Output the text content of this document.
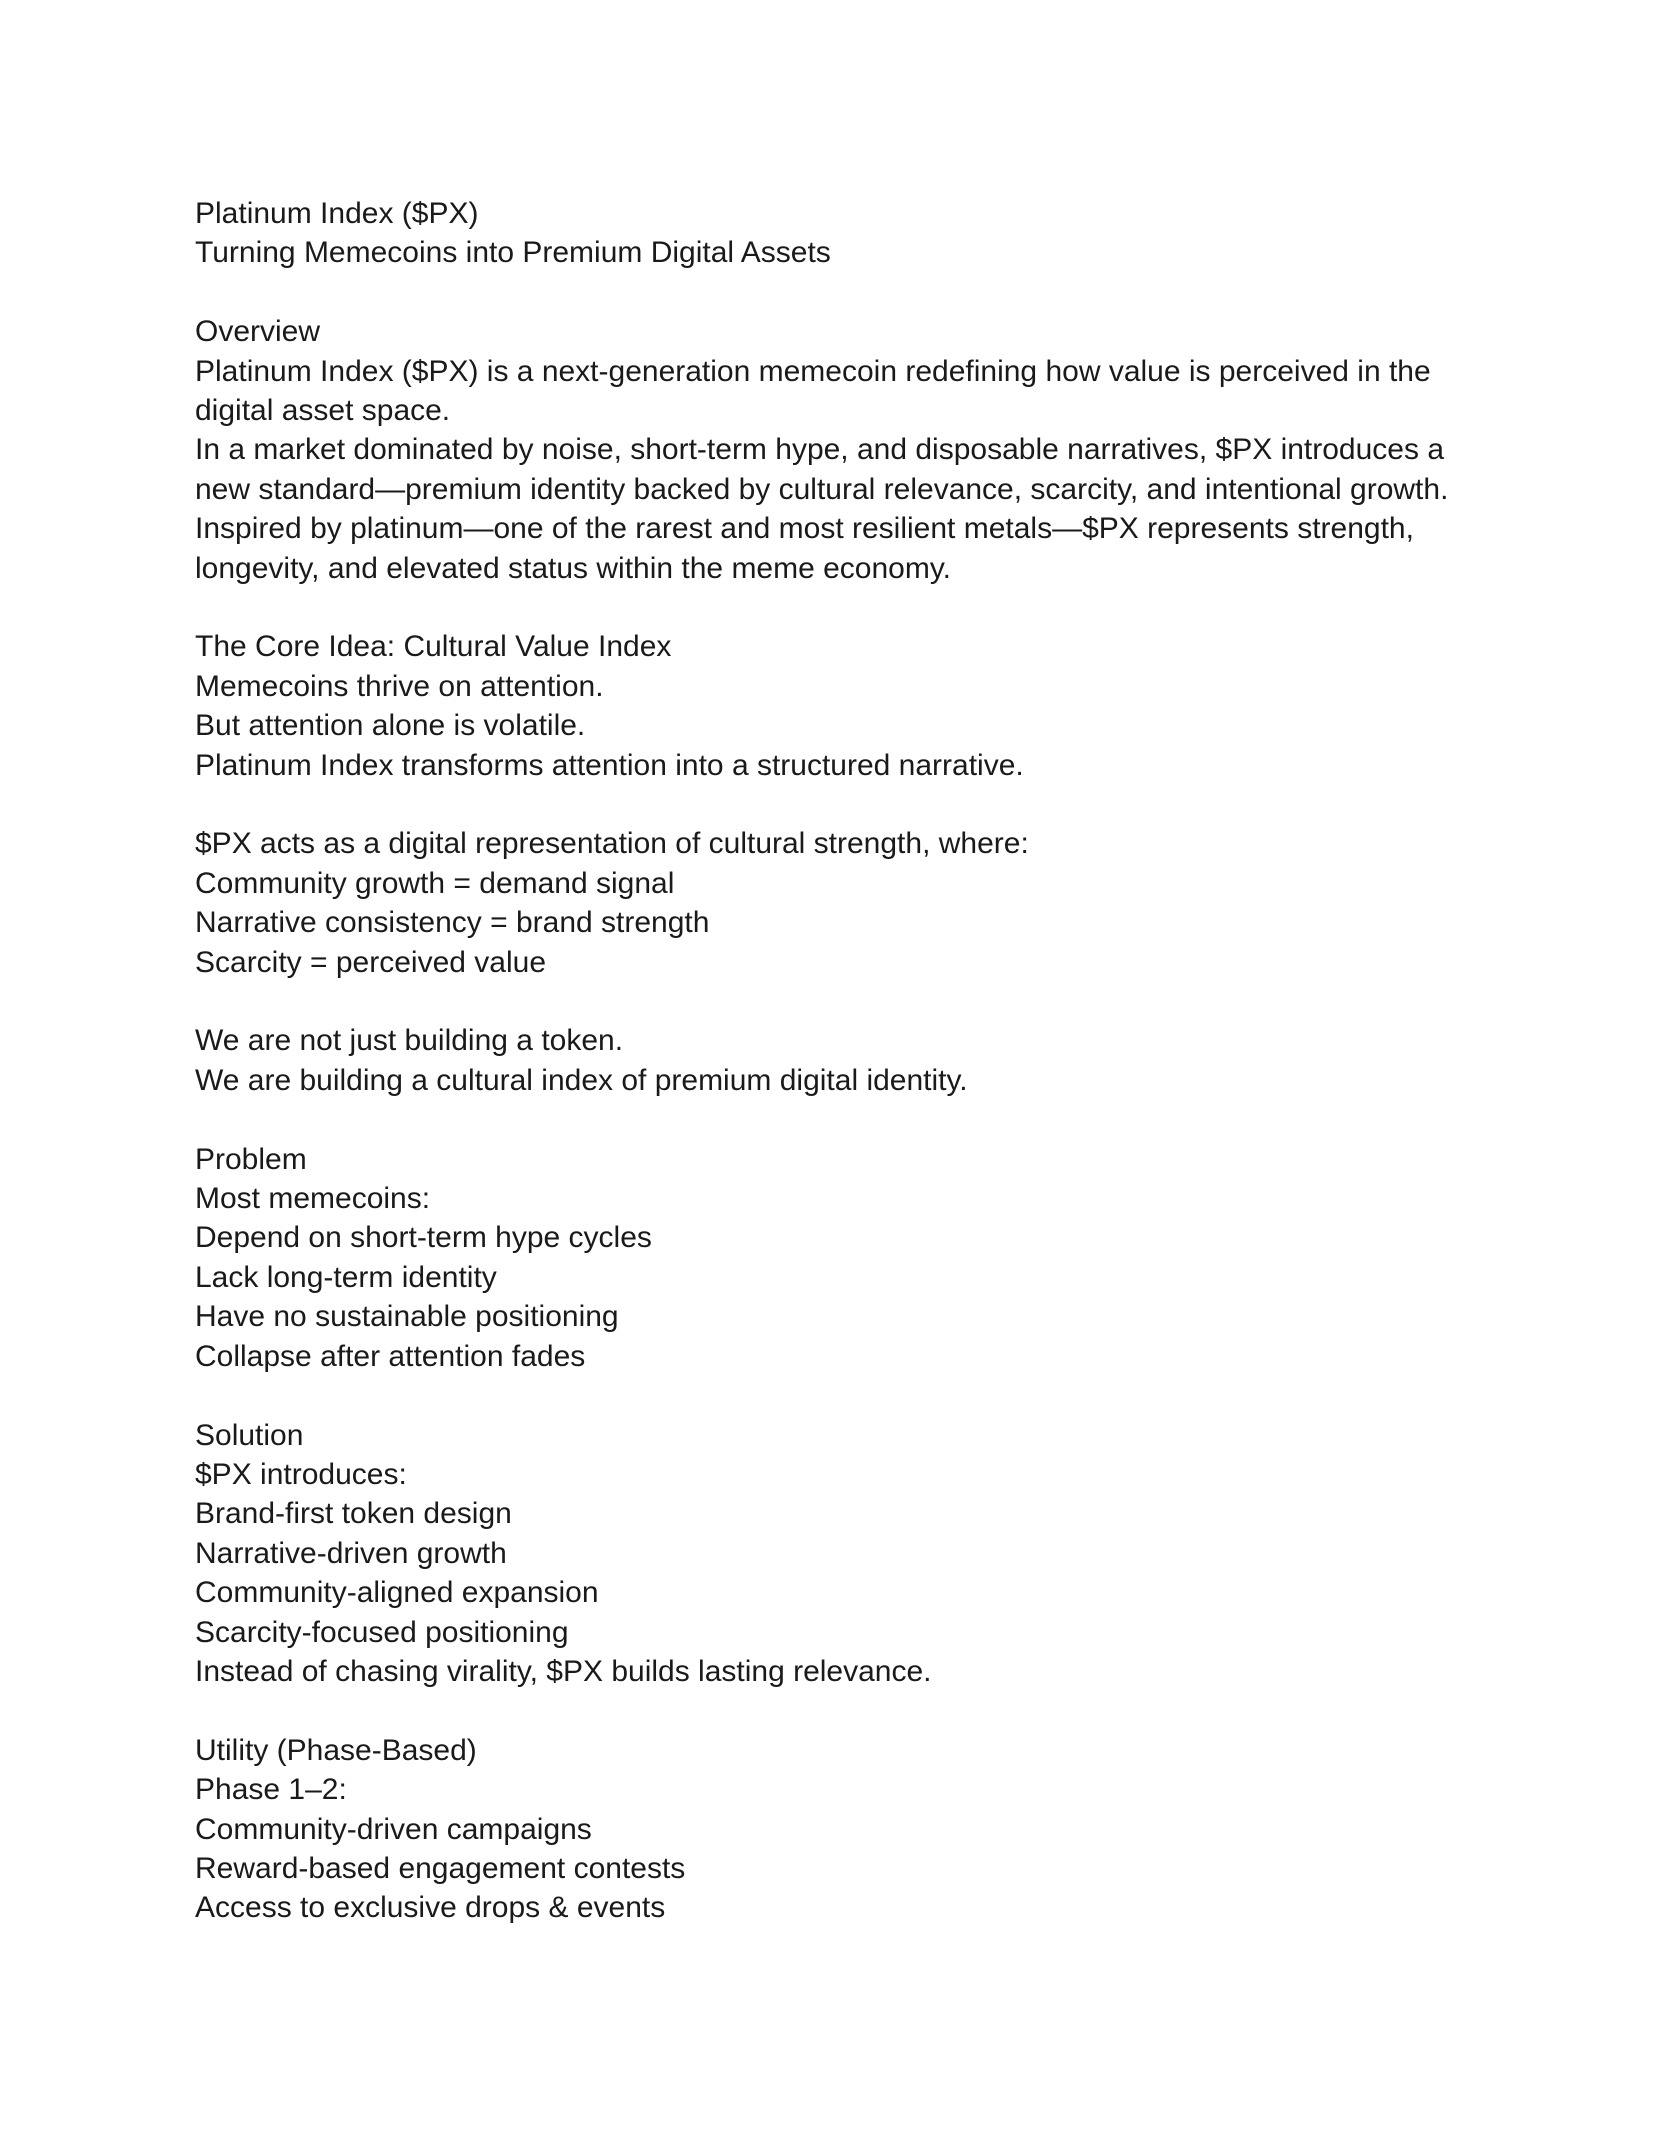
Platinum Index ($PX)

Turning Memecoins into Premium Digital Assets

Overview

Platinum Index ($PX) is a next-generation memecoin redefining how value is perceived in the

digital asset space.

In a market dominated by noise, short-term hype, and disposable narratives, $PX introduces a

new standard—premium identity backed by cultural relevance, scarcity, and intentional growth.

Inspired by platinum—one of the rarest and most resilient metals—$PX represents strength,

longevity, and elevated status within the meme economy.

The Core Idea: Cultural Value Index

Memecoins thrive on attention.

But attention alone is volatile.

Platinum Index transforms attention into a structured narrative.

$PX acts as a digital representation of cultural strength, where:

Community growth = demand signal

Narrative consistency = brand strength

Scarcity = perceived value

We are not just building a token.

We are building a cultural index of premium digital identity.

Problem

Most memecoins:

Depend on short-term hype cycles

Lack long-term identity

Have no sustainable positioning

Collapse after attention fades

Solution

$PX introduces:

Brand-first token design

Narrative-driven growth

Community-aligned expansion

Scarcity-focused positioning

Instead of chasing virality, $PX builds lasting relevance.

Utility (Phase-Based)

Phase 1–2:

Community-driven campaigns

Reward-based engagement contests

Access to exclusive drops & events
